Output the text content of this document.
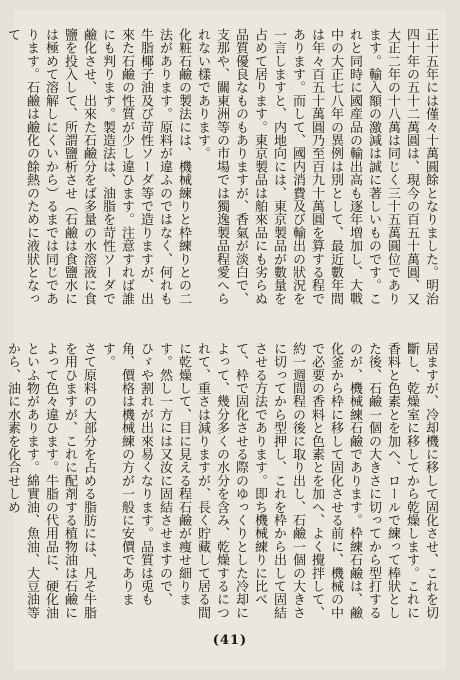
正十五年には僅々十萬圓餘となりました。明治四十年の五十二萬圓は、現今の百五十萬圓、又大正二年の十八萬は同じく三十五萬圓位であります。輸入額の激減は誠に著しいものです。これと同時に國産品の輸出高も逐年増加し、大戰中の大正七八年の異例は別として、最近數年間は年々百五十萬圓乃至百九十萬圓を算する程であります。而して、國内消費及び輸出の狀況を一言しますと、内地向には、東京製品が數量を占めて居ります。東京製品は舶來品にも劣らぬ品質優良なものもありますが、香氣が淡白で、支那や、關東洲等の市場では獨逸製品程愛へられない樣であります。

化粧石鹼の製法には、機械練りと枠練りとの二法があります。原料が違ふのではなく、何れも牛脂椰子油及び苛性ソーダ等で造りますが、出來た石鹼の性質が少し違ひます。注意すれば誰にも判ります。製造法は、油脂を苛性ソーダで鹼化させ、出來た石鹼分をば多量の水溶液に食鹽を投入して、所謂鹽析させ（石鹼は食鹽水には極めて溶解しにくいから）るまでは同じであります。石鹼は鹼化の餘熱のために液狀となって

居ますが、冷却機に移して固化させ、これを切斷し、乾燥室に移してから乾燥します。これに香料と色素とを加へ、ロールで練って棒狀とした後、石鹼一個の大きさに切ってから型打するのが、機械練石鹼であります。枠練石鹼は、鹼化釜から枠に移して固化させる前に、機械の中で必要の香料と色素とを加へ、よく攪拌して、約一週間程の後に取り出し、石鹼一個の大きさに切ってから型押し、これを枠から出して固結させる方法であります。即ち機械練りに比べて、枠で固化させる際のゆっくりとした冷却によって、幾分多くの水分を含み、乾燥するにつれて、重さは減りますが、長く貯藏して居る間に乾燥して、目に見える程石鹼が痩せ細ります。然し一方には又汝に固結させますので、ひゞや割れが出來易くなります。品質は兎も角、價格は機械練の方が一般に安價であります。

さて原料の大部分を占める脂肪には、凡そ牛脂を用ひますが、これに配剤する植物油は石鹼によって色々違ひます。牛脂の代用品に、硬化油といふ物があります。綿實油、魚油、大豆油等から、油に水素を化合せしめ

(41)
